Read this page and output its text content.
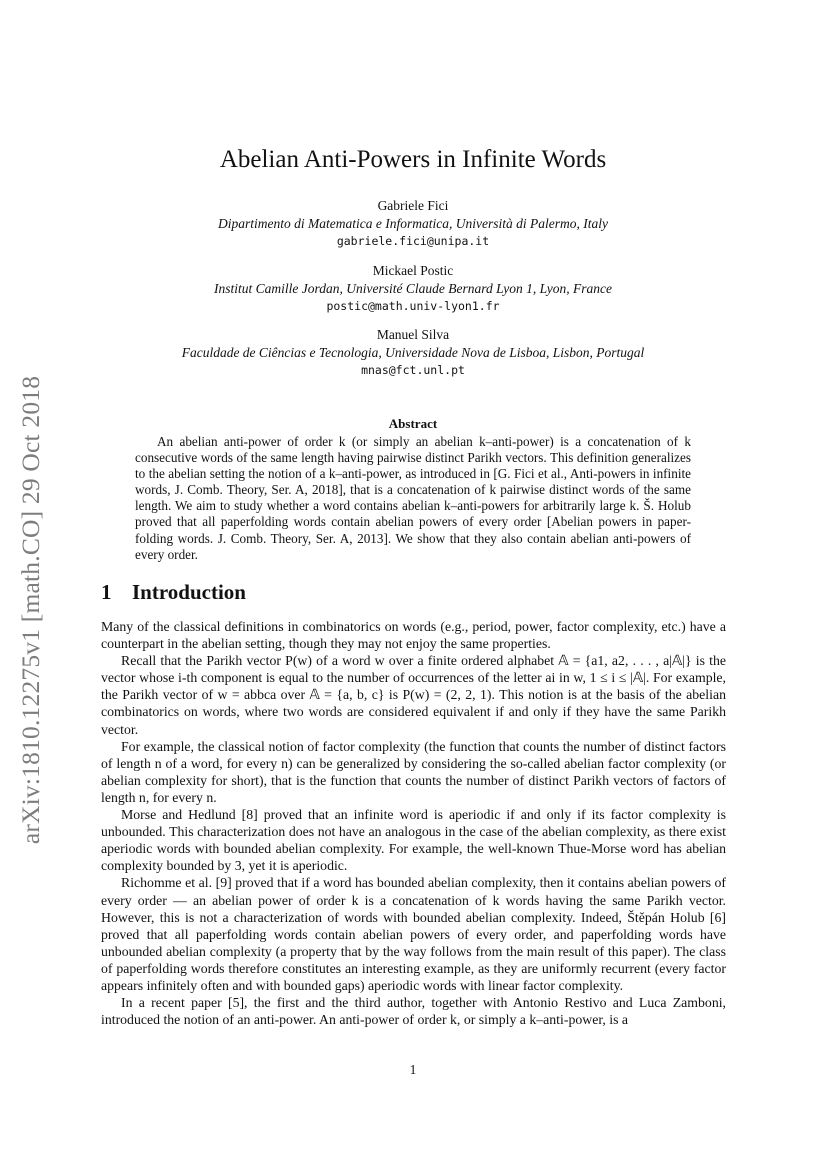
arXiv:1810.12275v1 [math.CO] 29 Oct 2018
Abelian Anti-Powers in Infinite Words
Gabriele Fici
Dipartimento di Matematica e Informatica, Università di Palermo, Italy
gabriele.fici@unipa.it
Mickael Postic
Institut Camille Jordan, Université Claude Bernard Lyon 1, Lyon, France
postic@math.univ-lyon1.fr
Manuel Silva
Faculdade de Ciências e Tecnologia, Universidade Nova de Lisboa, Lisbon, Portugal
mnas@fct.unl.pt
Abstract

An abelian anti-power of order k (or simply an abelian k–anti-power) is a concatenation of k consecutive words of the same length having pairwise distinct Parikh vectors. This definition generalizes to the abelian setting the notion of a k–anti-power, as introduced in [G. Fici et al., Anti-powers in infinite words, J. Comb. Theory, Ser. A, 2018], that is a concatenation of k pairwise distinct words of the same length. We aim to study whether a word contains abelian k–anti-powers for arbitrarily large k. Š. Holub proved that all paperfolding words contain abelian powers of every order [Abelian powers in paper-folding words. J. Comb. Theory, Ser. A, 2013]. We show that they also contain abelian anti-powers of every order.

1 Introduction

Many of the classical definitions in combinatorics on words (e.g., period, power, factor complexity, etc.) have a counterpart in the abelian setting, though they may not enjoy the same properties.

Recall that the Parikh vector P(w) of a word w over a finite ordered alphabet 𝔸 = {a1, a2, . . . , a|𝔸|} is the vector whose i-th component is equal to the number of occurrences of the letter ai in w, 1 ≤ i ≤ |𝔸|. For example, the Parikh vector of w = abbca over 𝔸 = {a, b, c} is P(w) = (2, 2, 1). This notion is at the basis of the abelian combinatorics on words, where two words are considered equivalent if and only if they have the same Parikh vector.

For example, the classical notion of factor complexity (the function that counts the number of distinct factors of length n of a word, for every n) can be generalized by considering the so-called abelian factor complexity (or abelian complexity for short), that is the function that counts the number of distinct Parikh vectors of factors of length n, for every n.

Morse and Hedlund [8] proved that an infinite word is aperiodic if and only if its factor complexity is unbounded. This characterization does not have an analogous in the case of the abelian complexity, as there exist aperiodic words with bounded abelian complexity. For example, the well-known Thue-Morse word has abelian complexity bounded by 3, yet it is aperiodic.

Richomme et al. [9] proved that if a word has bounded abelian complexity, then it contains abelian powers of every order — an abelian power of order k is a concatenation of k words having the same Parikh vector. However, this is not a characterization of words with bounded abelian complexity. Indeed, Štěpán Holub [6] proved that all paperfolding words contain abelian powers of every order, and paperfolding words have unbounded abelian complexity (a property that by the way follows from the main result of this paper). The class of paperfolding words therefore constitutes an interesting example, as they are uniformly recurrent (every factor appears infinitely often and with bounded gaps) aperiodic words with linear factor complexity.

In a recent paper [5], the first and the third author, together with Antonio Restivo and Luca Zamboni, introduced the notion of an anti-power. An anti-power of order k, or simply a k–anti-power, is a

1
